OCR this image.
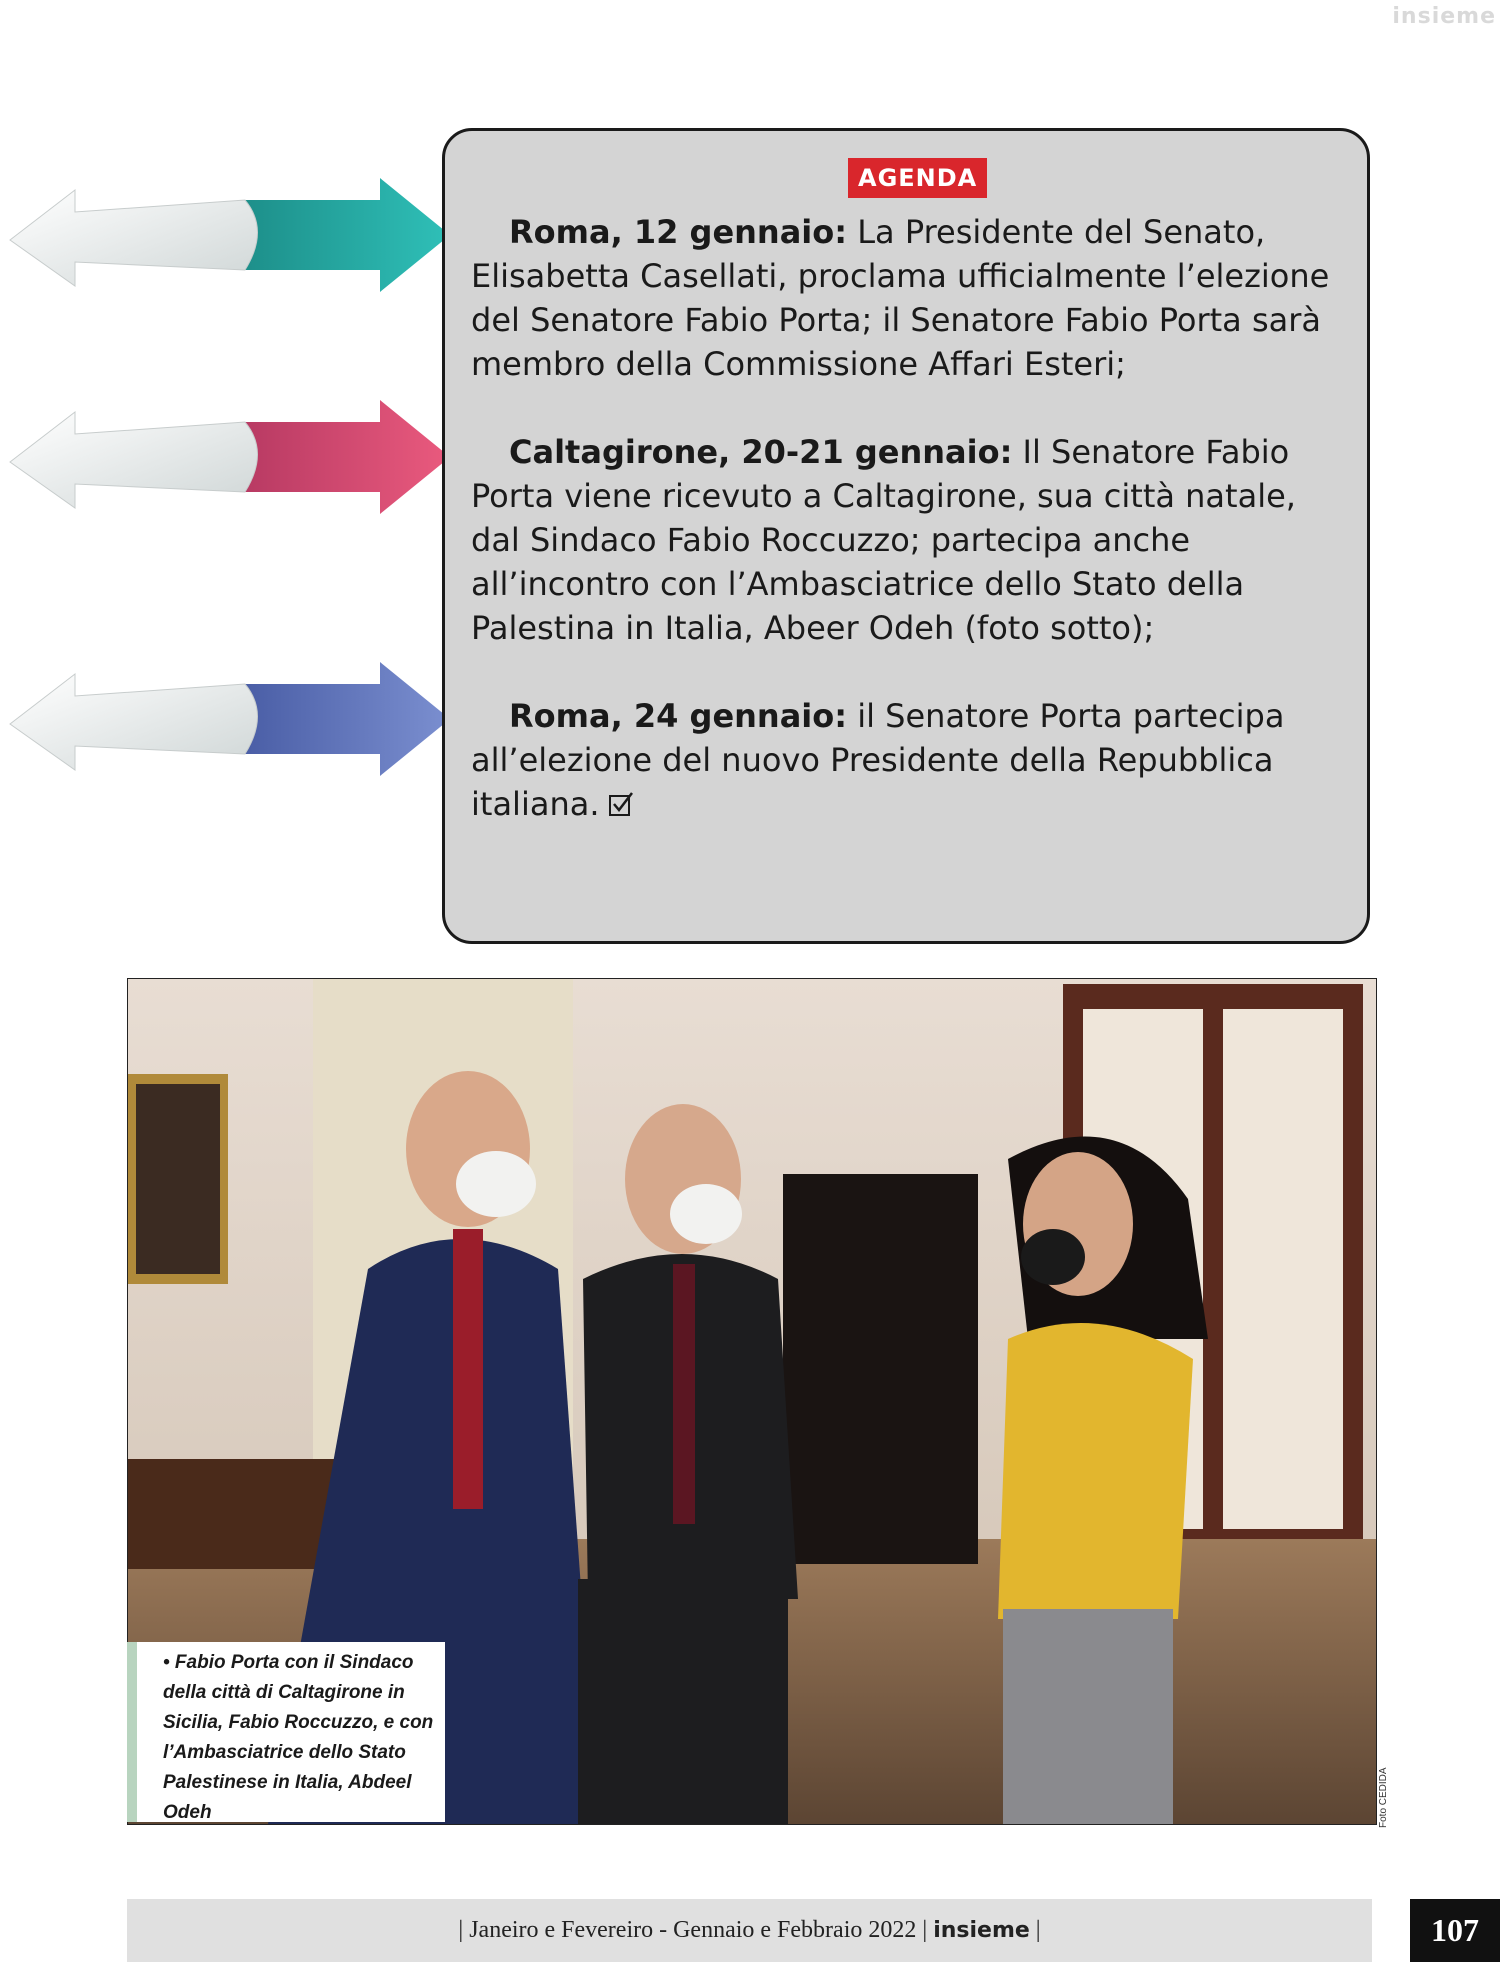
insieme
AGENDA
Roma, 12 gennaio: La Presidente del Senato, Elisabetta Casellati, proclama ufficialmente l’elezione del Senatore Fabio Porta; il Senatore Fabio Porta sarà membro della Commissione Affari Esteri;
Caltagirone, 20-21 gennaio: Il Senatore Fabio Porta viene ricevuto a Caltagirone, sua città natale, dal Sindaco Fabio Roccuzzo; partecipa anche all’incontro con l’Ambasciatrice dello Stato della Palestina in Italia, Abeer Odeh (foto sotto);
Roma, 24 gennaio: il Senatore Porta partecipa all’elezione del nuovo Presidente della Repubblica italiana.
• Fabio Porta con il Sindaco della città di Caltagirone in Sicilia, Fabio Roccuzzo, e con l’Ambasciatrice dello Stato Palestinese in Italia, Abdeel Odeh	Foto CEDIDA
| Janeiro e Fevereiro - Gennaio e Febbraio 2022 | insieme |	107
